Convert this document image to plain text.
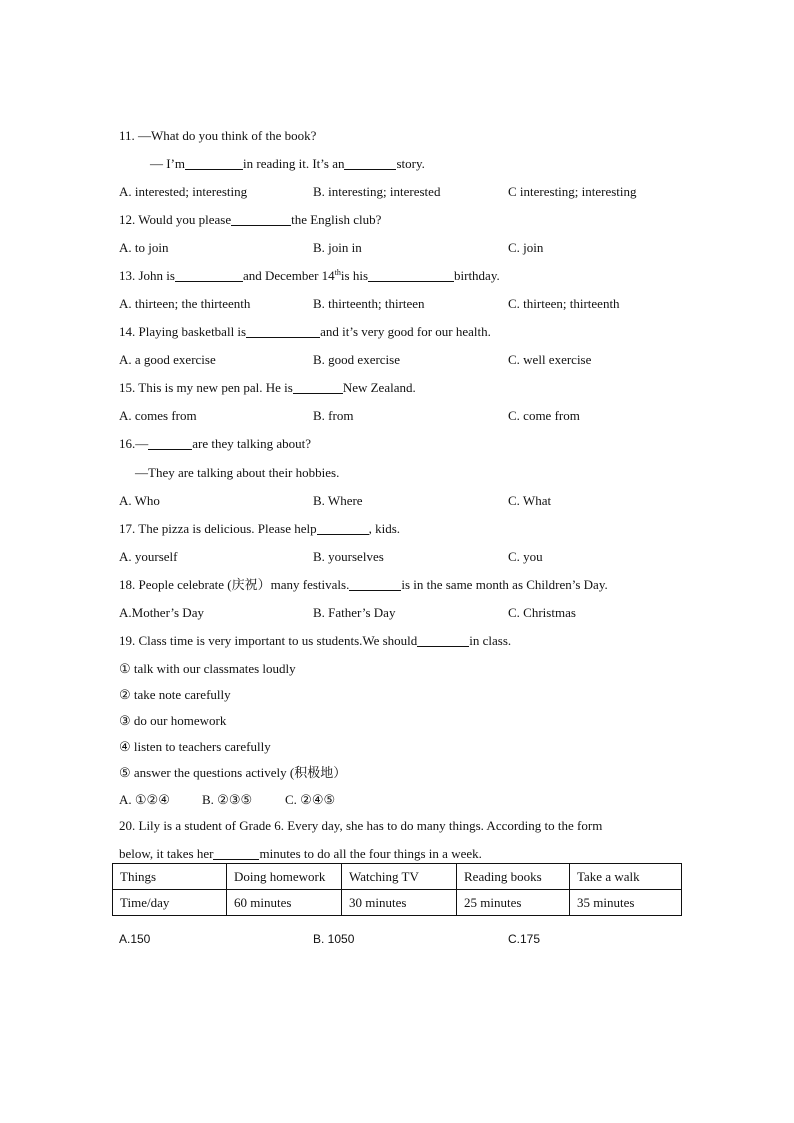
11. —What do you think of the book?
— I’m	in reading it. It’s an	story.
A. interested; interesting	B. interesting; interested	C interesting; interesting
12. Would you please	the English club?
A. to join	B. join in	C. join
13. John is	and December 14this his	birthday.
A. thirteen; the thirteenth	B. thirteenth; thirteen	C. thirteen; thirteenth
14. Playing basketball is	and it’s very good for our health.
A. a good exercise	B. good exercise	C. well exercise
15. This is my new pen pal. He is	New Zealand.
A. comes from	B. from	C. come from
16.—	are they talking about?
—They are talking about their hobbies.
A. Who	B. Where	C. What
17. The pizza is delicious. Please help	, kids.
A. yourself	B. yourselves	C. you
18. People celebrate (庆祝）many festivals.	is in the same month as Children’s Day.
A.Mother’s Day	B. Father’s Day	C. Christmas
19. Class time is very important to us students.We should	in class.
① talk with our classmates loudly
② take note carefully
③ do our homework
④ listen to teachers carefully
⑤ answer the questions actively (积极地）
A. ①②④ B. ②③⑤	C. ②④⑤
20. Lily is a student of Grade 6. Every day, she has to do many things. According to the form
below, it takes her	minutes to do all the four things in a week.
Things	Doing homework	Watching TV	Reading books	Take a walk
Time/day	60 minutes	30 minutes	25 minutes	35 minutes
A.150	B. 1050	C.175
